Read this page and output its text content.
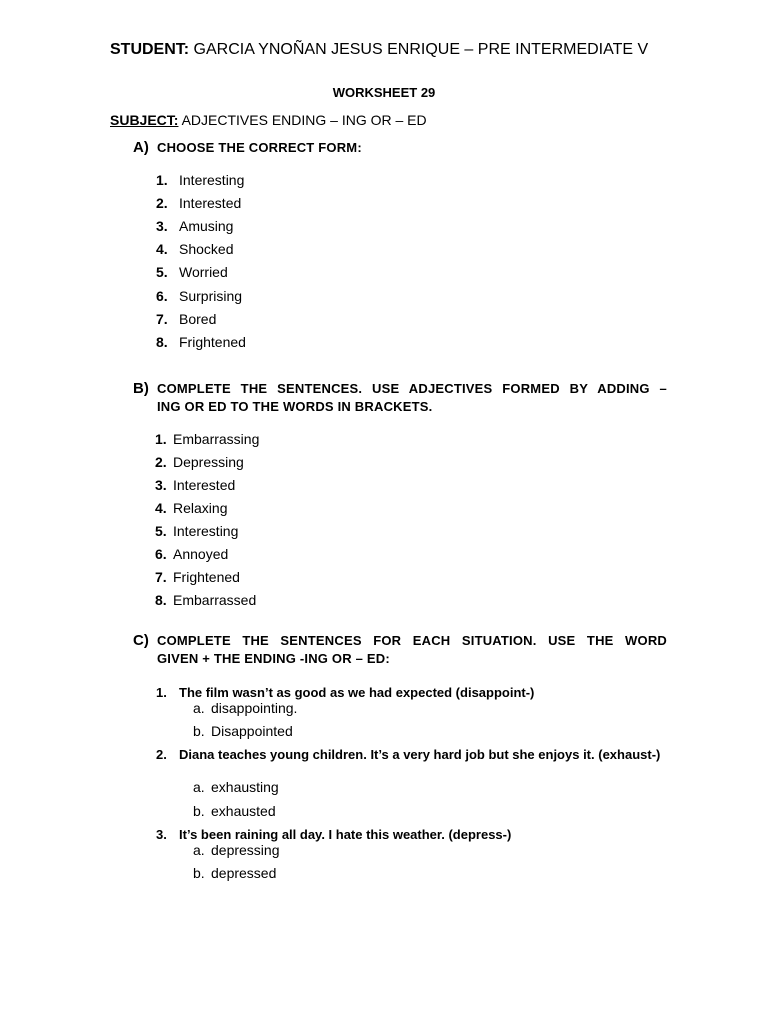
STUDENT: GARCIA YNOÑAN JESUS ENRIQUE – PRE INTERMEDIATE V
WORKSHEET 29
SUBJECT: ADJECTIVES ENDING – ING OR – ED
A) CHOOSE THE CORRECT FORM:
1. Interesting
2. Interested
3. Amusing
4. Shocked
5. Worried
6. Surprising
7. Bored
8. Frightened
B) COMPLETE THE SENTENCES. USE ADJECTIVES FORMED BY ADDING –
ING OR ED TO THE WORDS IN BRACKETS.
1. Embarrassing
2. Depressing
3. Interested
4. Relaxing
5. Interesting
6. Annoyed
7. Frightened
8. Embarrassed
C) COMPLETE THE SENTENCES FOR EACH SITUATION. USE THE WORD
GIVEN + THE ENDING -ING OR – ED:
1. The film wasn’t as good as we had expected (disappoint-)
a. disappointing.
b. Disappointed
2. Diana teaches young children. It’s a very hard job but she enjoys it. (exhaust-)
a. exhausting
b. exhausted
3. It’s been raining all day. I hate this weather. (depress-)
a. depressing
b. depressed
